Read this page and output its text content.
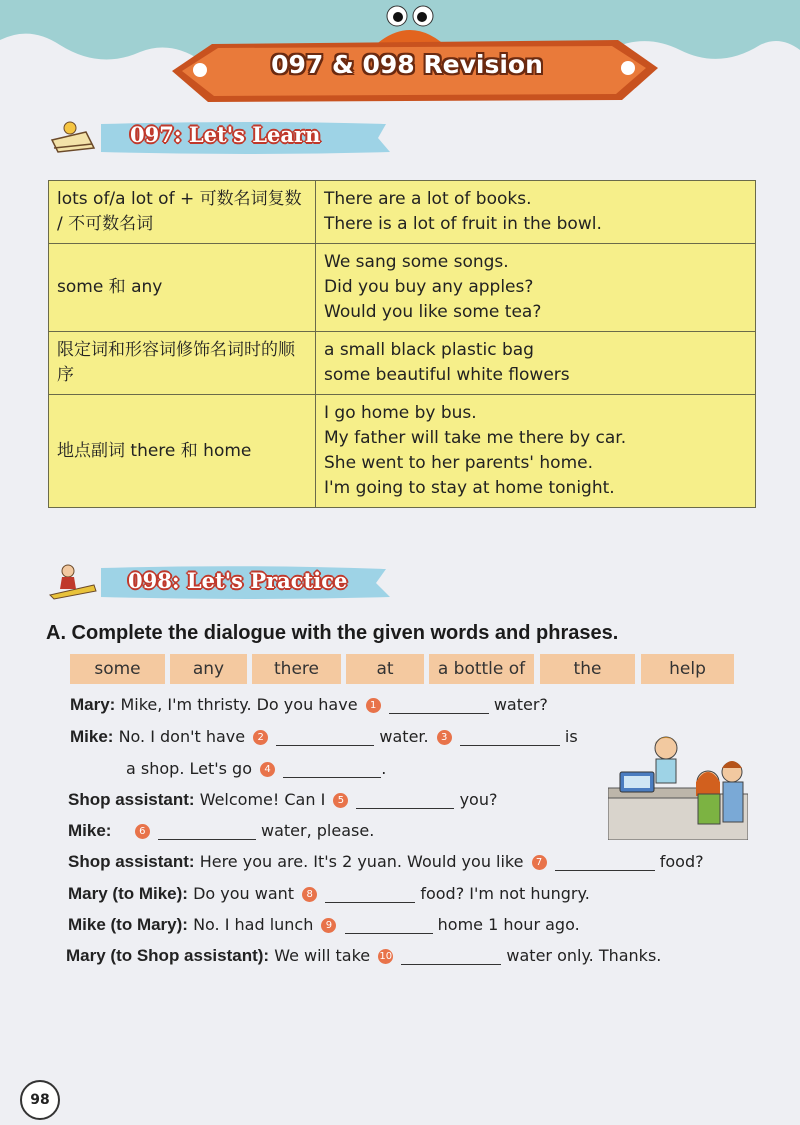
097 & 098 Revision
097: Let's Learn
lots of/a lot of + 可数名词复数 / 不可数名词	There are a lot of books.
There is a lot of fruit in the bowl.

some 和 any	We sang some songs.
Did you buy any apples?
Would you like some tea?

限定词和形容词修饰名词时的顺序	a small black plastic bag
some beautiful white flowers

地点副词 there 和 home	I go home by bus.
My father will take me there by car.
She went to her parents' home.
I'm going to stay at home tonight.
098: Let's Practice
A. Complete the dialogue with the given words and phrases.
some	any	there	at	a bottle of	the	help
Mary: Mike, I'm thristy. Do you have 1	water?
Mike: No. I don't have 2	water. 3	is
a shop. Let's go 4	.
Shop assistant: Welcome! Can I 5	you?
Mike:	6	water, please.
Shop assistant: Here you are. It's 2 yuan. Would you like 7	food?
Mary (to Mike): Do you want 8	food? I'm not hungry.
Mike (to Mary): No. I had lunch 9	home 1 hour ago.
Mary (to Shop assistant): We will take 10	water only. Thanks.
98
